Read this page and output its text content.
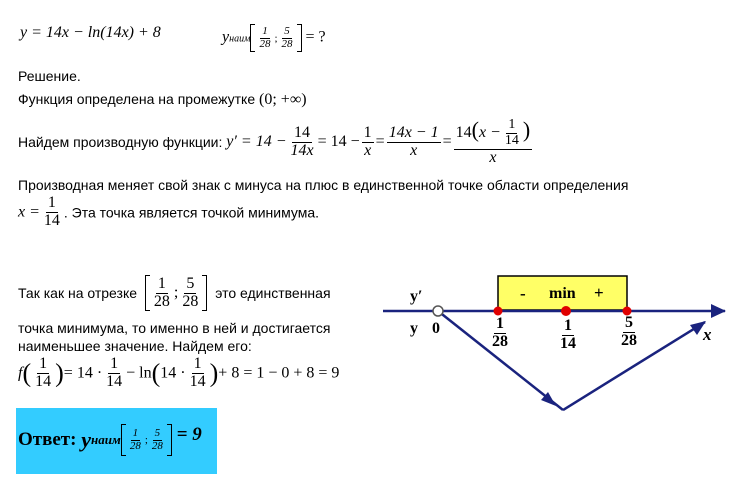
y = 14x − ln(14x) + 8	yнаим $\frac{1}{28}$ ; $\frac{5}{28}$ = ?
Решение.
Функция определена на промежутке (0; +∞)
Найдем производную функции: $y' = 14 - \frac{14}{14x} = 14 - \frac{1}{x} = \frac{14x - 1}{x} = \frac{14(x - \frac{1}{14} )}{x}$
Производная меняет свой знак с минуса на плюс в единственной точке области определения
$x = \frac{1}{14}$ . Эта точка является точкой минимума.
Так как на отрезке $\frac{1}{28}$ ; $\frac{5}{28}$ это единственная
точка минимума, то именно в ней и достигается
наименьшее значение. Найдем его:
$f( \frac{1}{14}$ )= $14 \cdot \frac{1}{14} - \ln(14 \cdot \frac{1}{14}$ )+ 8 = 1 − 0 + 8 = 9
Ответ: yнаим $\frac{1}{28}$ ; $\frac{5}{28} = 9$
y′
y 0	x
- min +
$\frac{1}{28}$	$\frac{1}{14}$	$\frac{5}{28}$
